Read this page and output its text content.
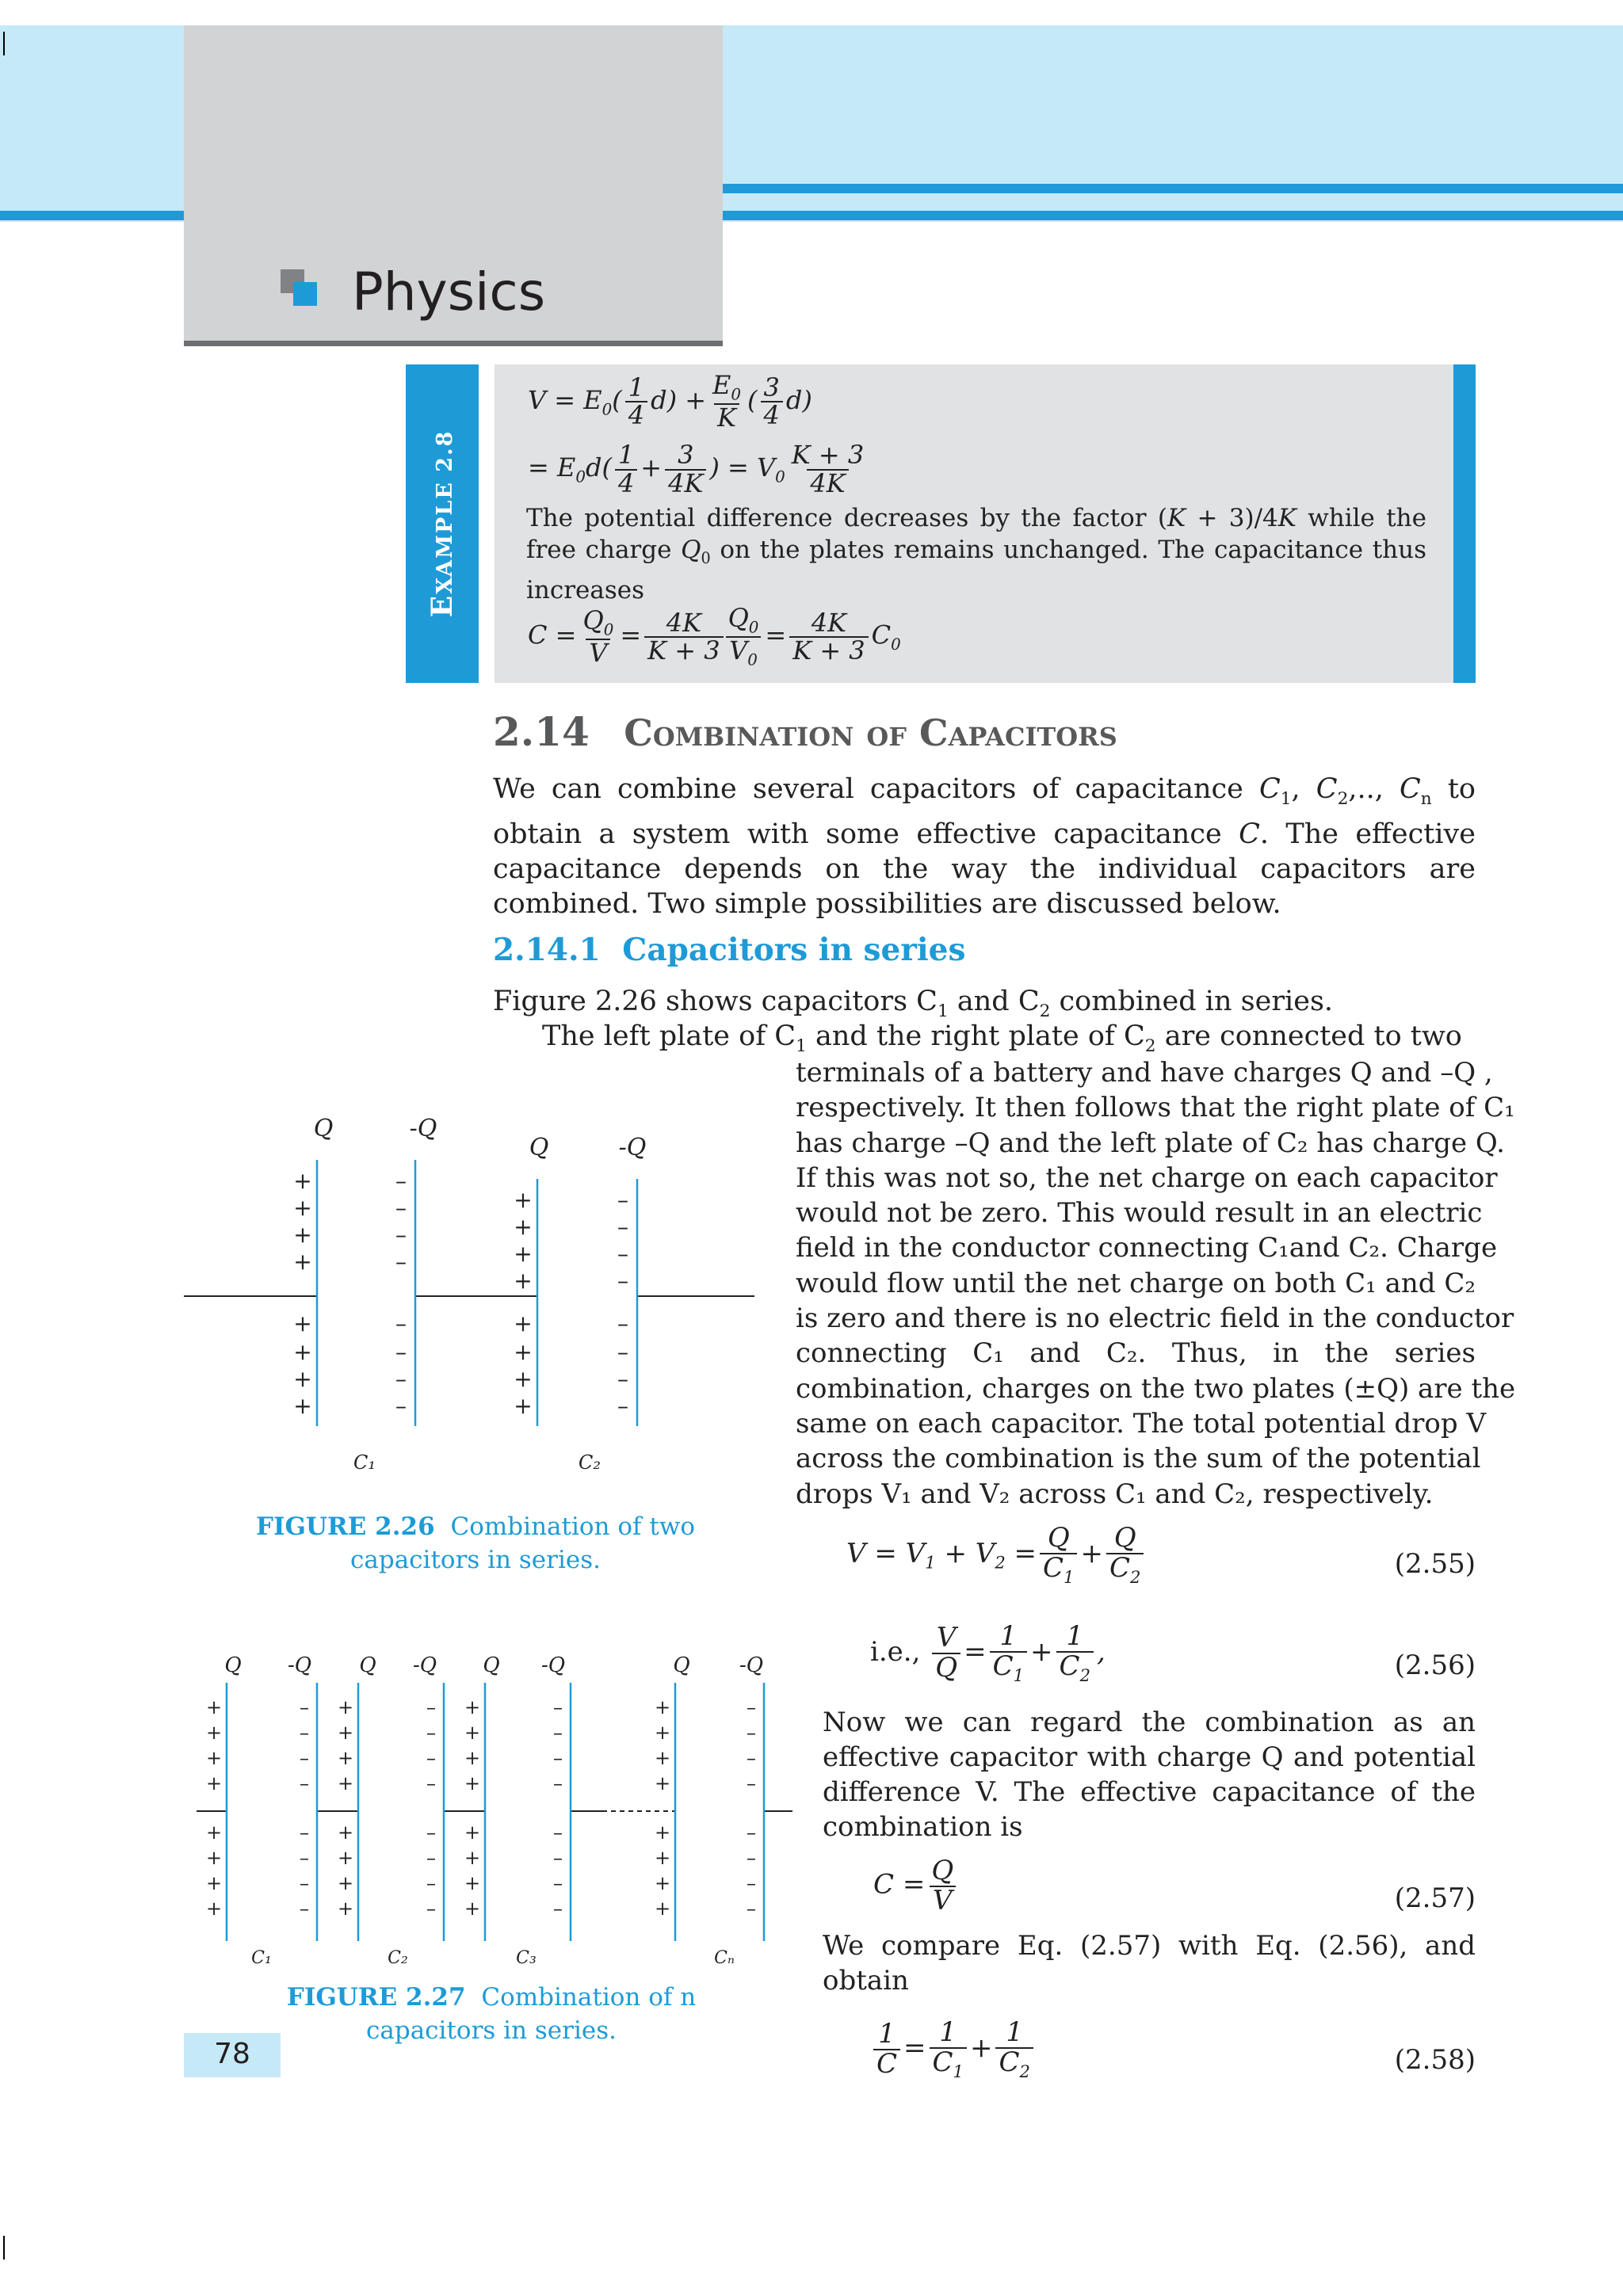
Physics
EXAMPLE 2.8
$V = E_0( \frac{1}{4} d) + \frac{E_0}{K}$ ( $\frac{3}{4} d$)
= $E_0d( \frac{1}{4} + \frac{3}{4K}$ ) = $V_0 \frac{K + 3}{4K}$
The potential difference decreases by the factor (K + 3)/4K while the free charge $Q_0$ on the plates remains unchanged. The capacitance thus increases
$C = \frac{Q_0}{V} = \frac{4K}{K + 3} \frac{Q_0}{V_0} = \frac{4K}{K + 3} C_0$
2.14 Combination of Capacitors
We can combine several capacitors of capacitance $C_1$, $C_2$,.., $C_n$ to obtain a system with some effective capacitance C. The effective capacitance depends on the way the individual capacitors are combined. Two simple possibilities are discussed below.
2.14.1 Capacitors in series
Figure 2.26 shows capacitors $C_1$ and $C_2$ combined in series.
The left plate of $C_1$ and the right plate of $C_2$ are connected to two
terminals of a battery and have charges Q and –Q ,
respectively. It then follows that the right plate of C₁
has charge –Q and the left plate of C₂ has charge Q.
If this was not so, the net charge on each capacitor
would not be zero. This would result in an electric
field in the conductor connecting C₁and C₂. Charge
would flow until the net charge on both C₁ and C₂
is zero and there is no electric field in the conductor
connecting C₁ and C₂. Thus, in the series
combination, charges on the two plates (±Q) are the
same on each capacitor. The total potential drop V
across the combination is the sum of the potential
drops V₁ and V₂ across C₁ and C₂, respectively.
$V = V_1 + V_2 = \frac{Q}{C_1} + \frac{Q}{C_2}$	(2.55)
i.e., $\frac{V}{Q} = \frac{1}{C_1} + \frac{1}{C_2}$ ,	(2.56)
Now we can regard the combination as an
effective capacitor with charge Q and potential
difference V. The effective capacitance of the
combination is
$C = \frac{Q}{V}$	(2.57)
We compare Eq. (2.57) with Eq. (2.56), and
obtain
$\frac{1}{C} = \frac{1}{C_1} + \frac{1}{C_2}$	(2.58)
+
+
+
+
+
+
+
+
–
–
–
–
–
–
–
–
+
+
+
+
+
+
+
+
–
–
–
–
–
–
–
–
Q	-Q
Q	-Q
C₁	C₂
FIGURE 2.26 Combination of two
capacitors in series.
+
+
+
+
+
+
+
+
–
–
–
–
–
–
–
–
+
+
+
+
+
+
+
+
–
–
–
–
–
–
–
–
+
+
+
+
+
+
+
+
–
–
–
–
–
–
–
–
+
+
+
+
+
+
+
+
–
–
–
–
–
–
–
–
Q -Q Q -Q Q -Q	Q -Q
C₁	C₂	C₃	Cₙ
FIGURE 2.27 Combination of n
capacitors in series.
78
